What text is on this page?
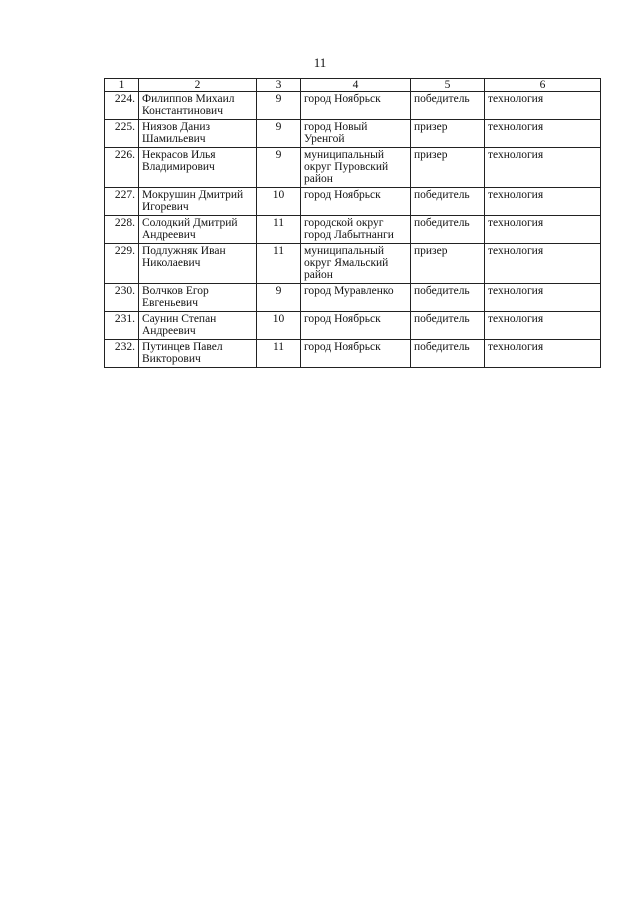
11
1	2	3	4	5	6
224.	Филиппов Михаил Константинович	9	город Ноябрьск	победитель	технология
225.	Ниязов Даниз Шамильевич	9	город Новый Уренгой	призер	технология
226.	Некрасов Илья Владимирович	9	муниципальный округ Пуровский район	призер	технология
227.	Мокрушин Дмитрий Игоревич	10	город Ноябрьск	победитель	технология
228.	Солодкий Дмитрий Андреевич	11	городской округ город Лабытнанги	победитель	технология
229.	Подлужняк Иван Николаевич	11	муниципальный округ Ямальский район	призер	технология
230.	Волчков Егор Евгеньевич	9	город Муравленко	победитель	технология
231.	Саунин Степан Андреевич	10	город Ноябрьск	победитель	технология
232.	Путинцев Павел Викторович	11	город Ноябрьск	победитель	технология
